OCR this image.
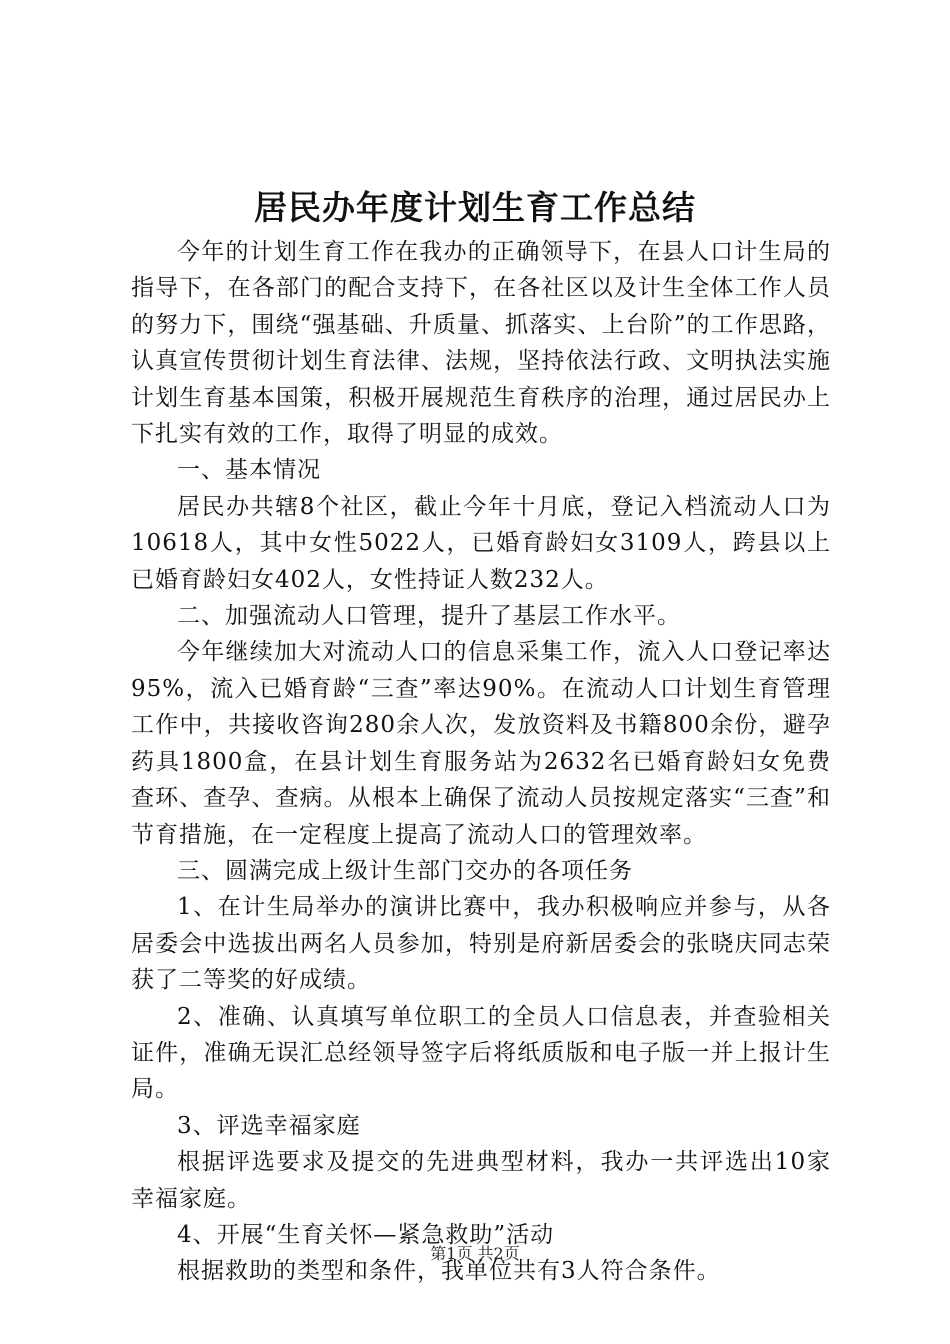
居民办年度计划生育工作总结

今年的计划生育工作在我办的正确领导下，在县人口计生局的指导下，在各部门的配合支持下，在各社区以及计生全体工作人员的努力下，围绕“强基础、升质量、抓落实、上台阶”的工作思路，认真宣传贯彻计划生育法律、法规，坚持依法行政、文明执法实施计划生育基本国策，积极开展规范生育秩序的治理，通过居民办上下扎实有效的工作，取得了明显的成效。

一、基本情况

居民办共辖8个社区，截止今年十月底，登记入档流动人口为10618人，其中女性5022人，已婚育龄妇女3109人，跨县以上已婚育龄妇女402人，女性持证人数232人。

二、加强流动人口管理，提升了基层工作水平。

今年继续加大对流动人口的信息采集工作，流入人口登记率达95%，流入已婚育龄“三查”率达90%。在流动人口计划生育管理工作中，共接收咨询280余人次，发放资料及书籍800余份，避孕药具1800盒，在县计划生育服务站为2632名已婚育龄妇女免费查环、查孕、查病。从根本上确保了流动人员按规定落实“三查”和节育措施，在一定程度上提高了流动人口的管理效率。

三、圆满完成上级计生部门交办的各项任务

1、在计生局举办的演讲比赛中，我办积极响应并参与，从各居委会中选拔出两名人员参加，特别是府新居委会的张晓庆同志荣获了二等奖的好成绩。

2、准确、认真填写单位职工的全员人口信息表，并查验相关证件，准确无误汇总经领导签字后将纸质版和电子版一并上报计生局。

3、评选幸福家庭

根据评选要求及提交的先进典型材料，我办一共评选出10家幸福家庭。

4、开展“生育关怀—紧急救助”活动

根据救助的类型和条件，我单位共有3人符合条件。

第1页 共2页
